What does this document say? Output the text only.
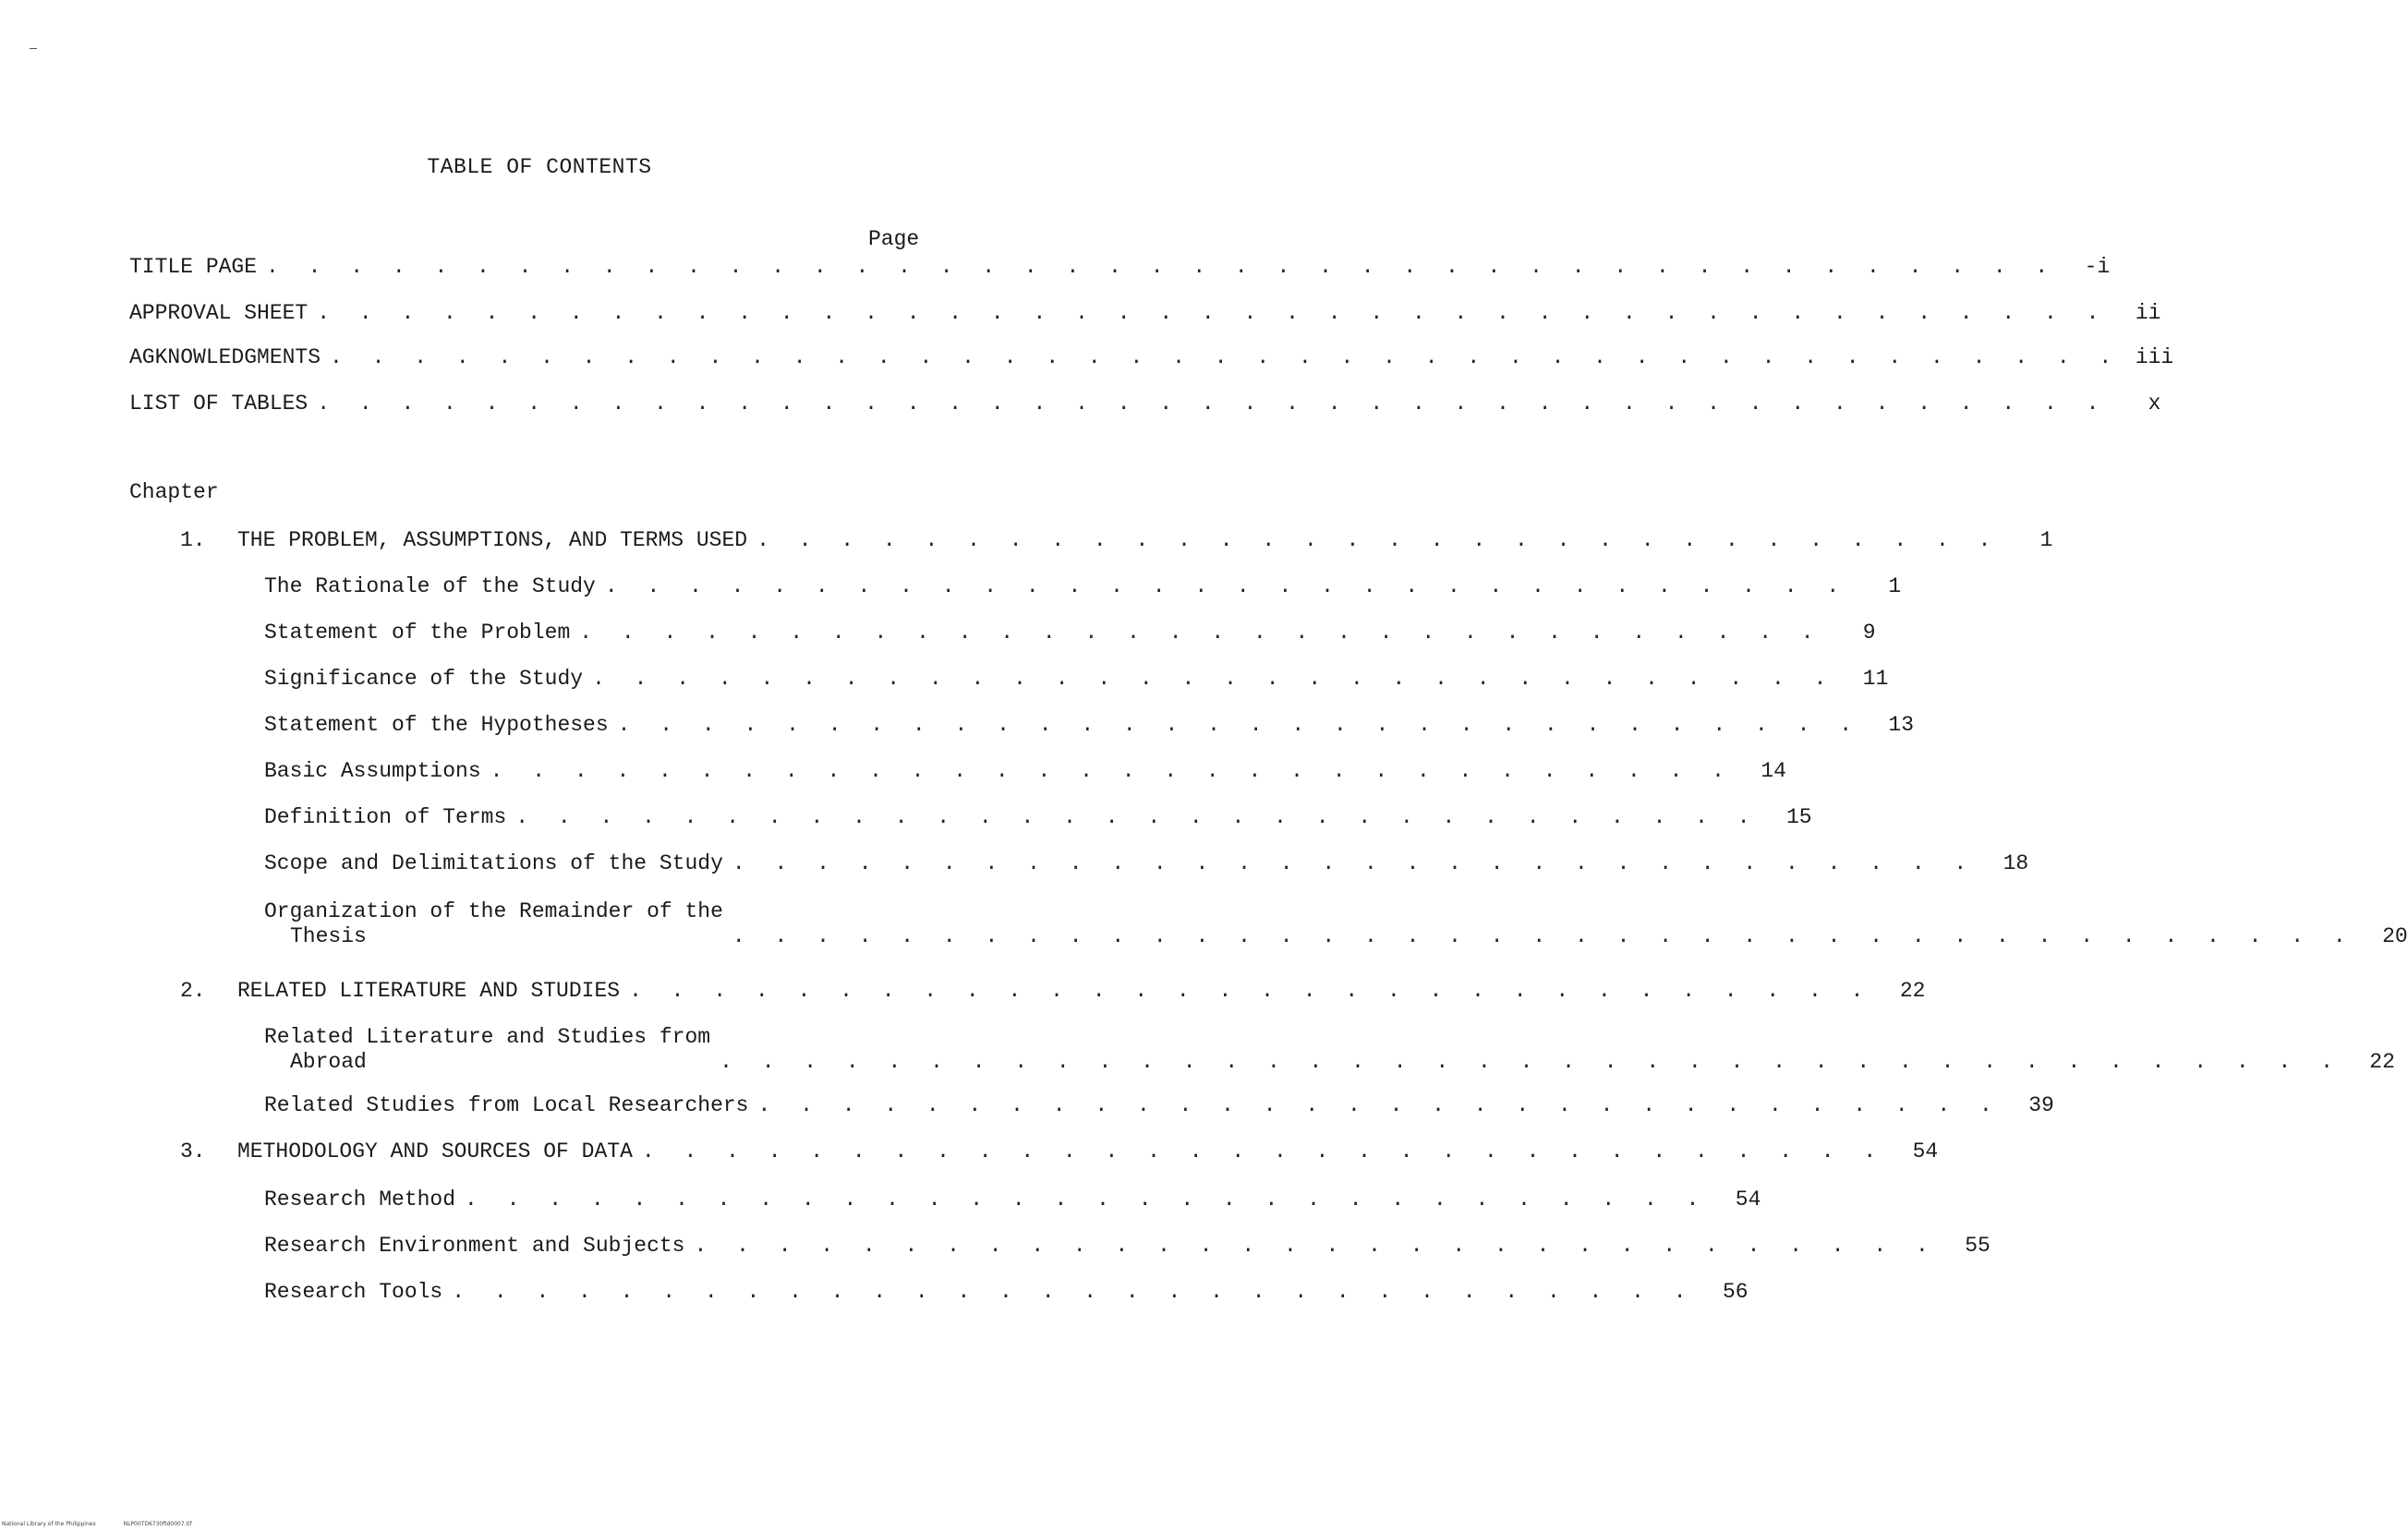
TABLE OF CONTENTS
Page
TITLE PAGE . . . . . . . . . . . . . . . . . . . . . . . . . . . . . . . . . . . . . . . . . . .	-i
APPROVAL SHEET . . . . . . . . . . . . . . . . . . . . . . . . . . . . . . . . . . . . . . . . . . .	ii
AGKNOWLEDGMENTS . . . . . . . . . . . . . . . . . . . . . . . . . . . . . . . . . . . . . . . . . . . iii
LIST OF TABLES . . . . . . . . . . . . . . . . . . . . . . . . . . . . . . . . . . . . . . . . . . .	x
Chapter
1.	THE PROBLEM, ASSUMPTIONS, AND TERMS USED . . . . . . . . . . . . . . . . . . . . . . . . . . . . . .	1
The Rationale of the Study . . . . . . . . . . . . . . . . . . . . . . . . . . . . . .	1
Statement of the Problem . . . . . . . . . . . . . . . . . . . . . . . . . . . . . .	9
Significance of the Study . . . . . . . . . . . . . . . . . . . . . . . . . . . . . .	11
Statement of the Hypotheses . . . . . . . . . . . . . . . . . . . . . . . . . . . . . .	13
Basic Assumptions . . . . . . . . . . . . . . . . . . . . . . . . . . . . . .	14
Definition of Terms . . . . . . . . . . . . . . . . . . . . . . . . . . . . . .	15
Scope and Delimitations of the Study . . . . . . . . . . . . . . . . . . . . . . . . . . . . . .	18
Organization of the Remainder of the
Thesis	. . . . . . . . . . . . . . . . . . . . . . . . . . . . . . . . . . . . . . .	20
2.	RELATED LITERATURE AND STUDIES . . . . . . . . . . . . . . . . . . . . . . . . . . . . . .	22
Related Literature and Studies from
Abroad	. . . . . . . . . . . . . . . . . . . . . . . . . . . . . . . . . . . . . . .	22
Related Studies from Local Researchers . . . . . . . . . . . . . . . . . . . . . . . . . . . . . .	39
3.	METHODOLOGY AND SOURCES OF DATA . . . . . . . . . . . . . . . . . . . . . . . . . . . . . .	54
Research Method . . . . . . . . . . . . . . . . . . . . . . . . . . . . . .	54
Research Environment and Subjects . . . . . . . . . . . . . . . . . . . . . . . . . . . . . .	55
Research Tools . . . . . . . . . . . . . . . . . . . . . . . . . . . . . .	56
National Library of the Philippines	NLP00TD6730ftd0007.tif
